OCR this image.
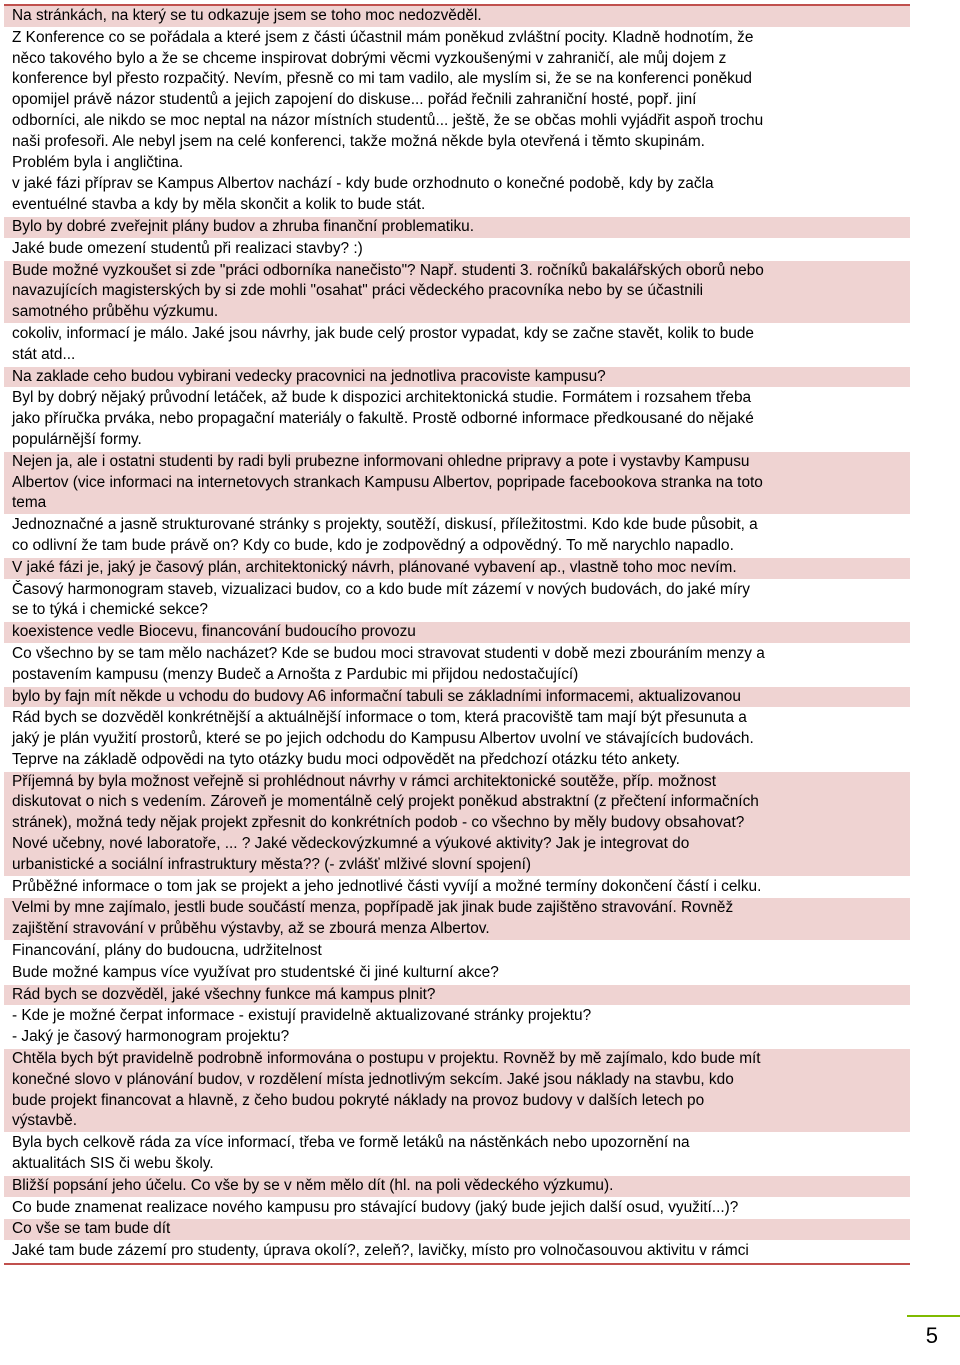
Na stránkách, na který se tu odkazuje jsem se toho moc nedozvěděl.
Z Konference co se pořádala a které jsem z části účastnil mám poněkud zvláštní pocity. Kladně hodnotím, že
něco takového bylo a že se chceme inspirovat dobrými věcmi vyzkoušenými v zahraničí, ale můj dojem z
konference byl přesto rozpačitý. Nevím, přesně co mi tam vadilo, ale myslím si, že se na konferenci poněkud
opomijel právě názor studentů a jejich zapojení do diskuse... pořád řečnili zahraniční hosté, popř. jiní
odborníci, ale nikdo se moc neptal na názor místních studentů... ještě, že se občas mohli vyjádřit aspoň trochu
naši profesoři. Ale nebyl jsem na celé konferenci, takže možná někde byla otevřená i těmto skupinám.
Problém byla i angličtina.
v jaké fázi příprav se Kampus Albertov nachází - kdy bude orzhodnuto o konečné podobě, kdy by začla
eventuélné stavba a kdy by měla skončit a kolik to bude stát.
Bylo by dobré zveřejnit plány budov a zhruba finanční problematiku.
Jaké bude omezení studentů při realizaci stavby? :)
Bude možné vyzkoušet si zde "práci odborníka nanečisto"? Např. studenti 3. ročníků bakalářských oborů nebo
navazujících magisterských by si zde mohli "osahat" práci vědeckého pracovníka nebo by se účastnili
samotného průběhu výzkumu.
cokoliv, informací je málo. Jaké jsou návrhy, jak bude celý prostor vypadat, kdy se začne stavět, kolik to bude
stát atd...
Na zaklade ceho budou vybirani vedecky pracovnici na jednotliva pracoviste kampusu?
Byl by dobrý nějaký průvodní letáček, až bude k dispozici architektonická studie. Formátem i rozsahem třeba
jako příručka prváka, nebo propagační materiály o fakultě. Prostě odborné informace předkousané do nějaké
populárnější formy.
Nejen ja, ale i ostatni studenti by radi byli prubezne informovani ohledne pripravy a pote i vystavby Kampusu
Albertov (vice informaci na internetovych strankach Kampusu Albertov, popripade facebookova stranka na toto
tema
Jednoznačné a jasně strukturované stránky s projekty, soutěží, diskusí, příležitostmi. Kdo kde bude působit, a
co odlivní že tam bude právě on? Kdy co bude, kdo je zodpovědný a odpovědný. To mě narychlo napadlo.
V jaké fázi je, jaký je časový plán, architektonický návrh, plánované vybavení ap., vlastně toho moc nevím.
Časový harmonogram staveb, vizualizaci budov, co a kdo bude mít zázemí v nových budovách, do jaké míry
se to týká i chemické sekce?
koexistence vedle Biocevu, financování budoucího provozu
Co všechno by se tam mělo nacházet? Kde se budou moci stravovat studenti v době mezi zbouráním menzy a
postavením kampusu (menzy Budeč a Arnošta z Pardubic mi přijdou nedostačující)
bylo by fajn mít někde u vchodu do budovy A6 informační tabuli se základními informacemi, aktualizovanou
Rád bych se dozvěděl konkrétnější a aktuálnější informace o tom, která pracoviště tam mají být přesunuta a
jaký je plán využití prostorů, které se po jejich odchodu do Kampusu Albertov uvolní ve stávajících budovách.
Teprve na základě odpovědi na tyto otázky budu moci odpovědět na předchozí otázku této ankety.
Příjemná by byla možnost veřejně si prohlédnout návrhy v rámci architektonické soutěže, příp. možnost
diskutovat o nich s vedením. Zároveň je momentálně celý projekt poněkud abstraktní (z přečtení informačních
stránek), možná tedy nějak projekt zpřesnit do konkrétních podob - co všechno by měly budovy obsahovat?
Nové učebny, nové laboratoře, ... ? Jaké vědeckovýzkumné a výukové aktivity? Jak je integrovat do
urbanistické a sociální infrastruktury města?? (- zvlášť mlživé slovní spojení)
Průběžné informace o tom jak se projekt a jeho jednotlivé části vyvíjí a možné termíny dokončení částí i celku.
Velmi by mne zajímalo, jestli bude součástí menza, popřípadě jak jinak bude zajištěno stravování. Rovněž
zajištění stravování v průběhu výstavby, až se zbourá menza Albertov.
Financování, plány do budoucna, udržitelnost
Bude možné kampus více využívat pro studentské či jiné kulturní akce?
Rád bych se dozvěděl, jaké všechny funkce má kampus plnit?
- Kde je možné čerpat informace - existují pravidelně aktualizované stránky projektu?
- Jaký je časový harmonogram projektu?
Chtěla bych být pravidelně podrobně informována o postupu v projektu. Rovněž by mě zajímalo, kdo bude mít
konečné slovo v plánování budov, v rozdělení místa jednotlivým sekcím. Jaké jsou náklady na stavbu, kdo
bude projekt financovat a hlavně, z čeho budou pokryté náklady na provoz budovy v dalších letech po
výstavbě.
Byla bych celkově ráda za více informací, třeba ve formě letáků na nástěnkách nebo upozornění na
aktualitách SIS či webu školy.
Bližší popsání jeho účelu. Co vše by se v něm mělo dít (hl. na poli vědeckého výzkumu).
Co bude znamenat realizace nového kampusu pro stávající budovy (jaký bude jejich další osud, využití...)?
Co vše se tam bude dít
Jaké tam bude zázemí pro studenty, úprava okolí?, zeleň?, lavičky, místo pro volnočasouvou aktivitu v rámci
5
